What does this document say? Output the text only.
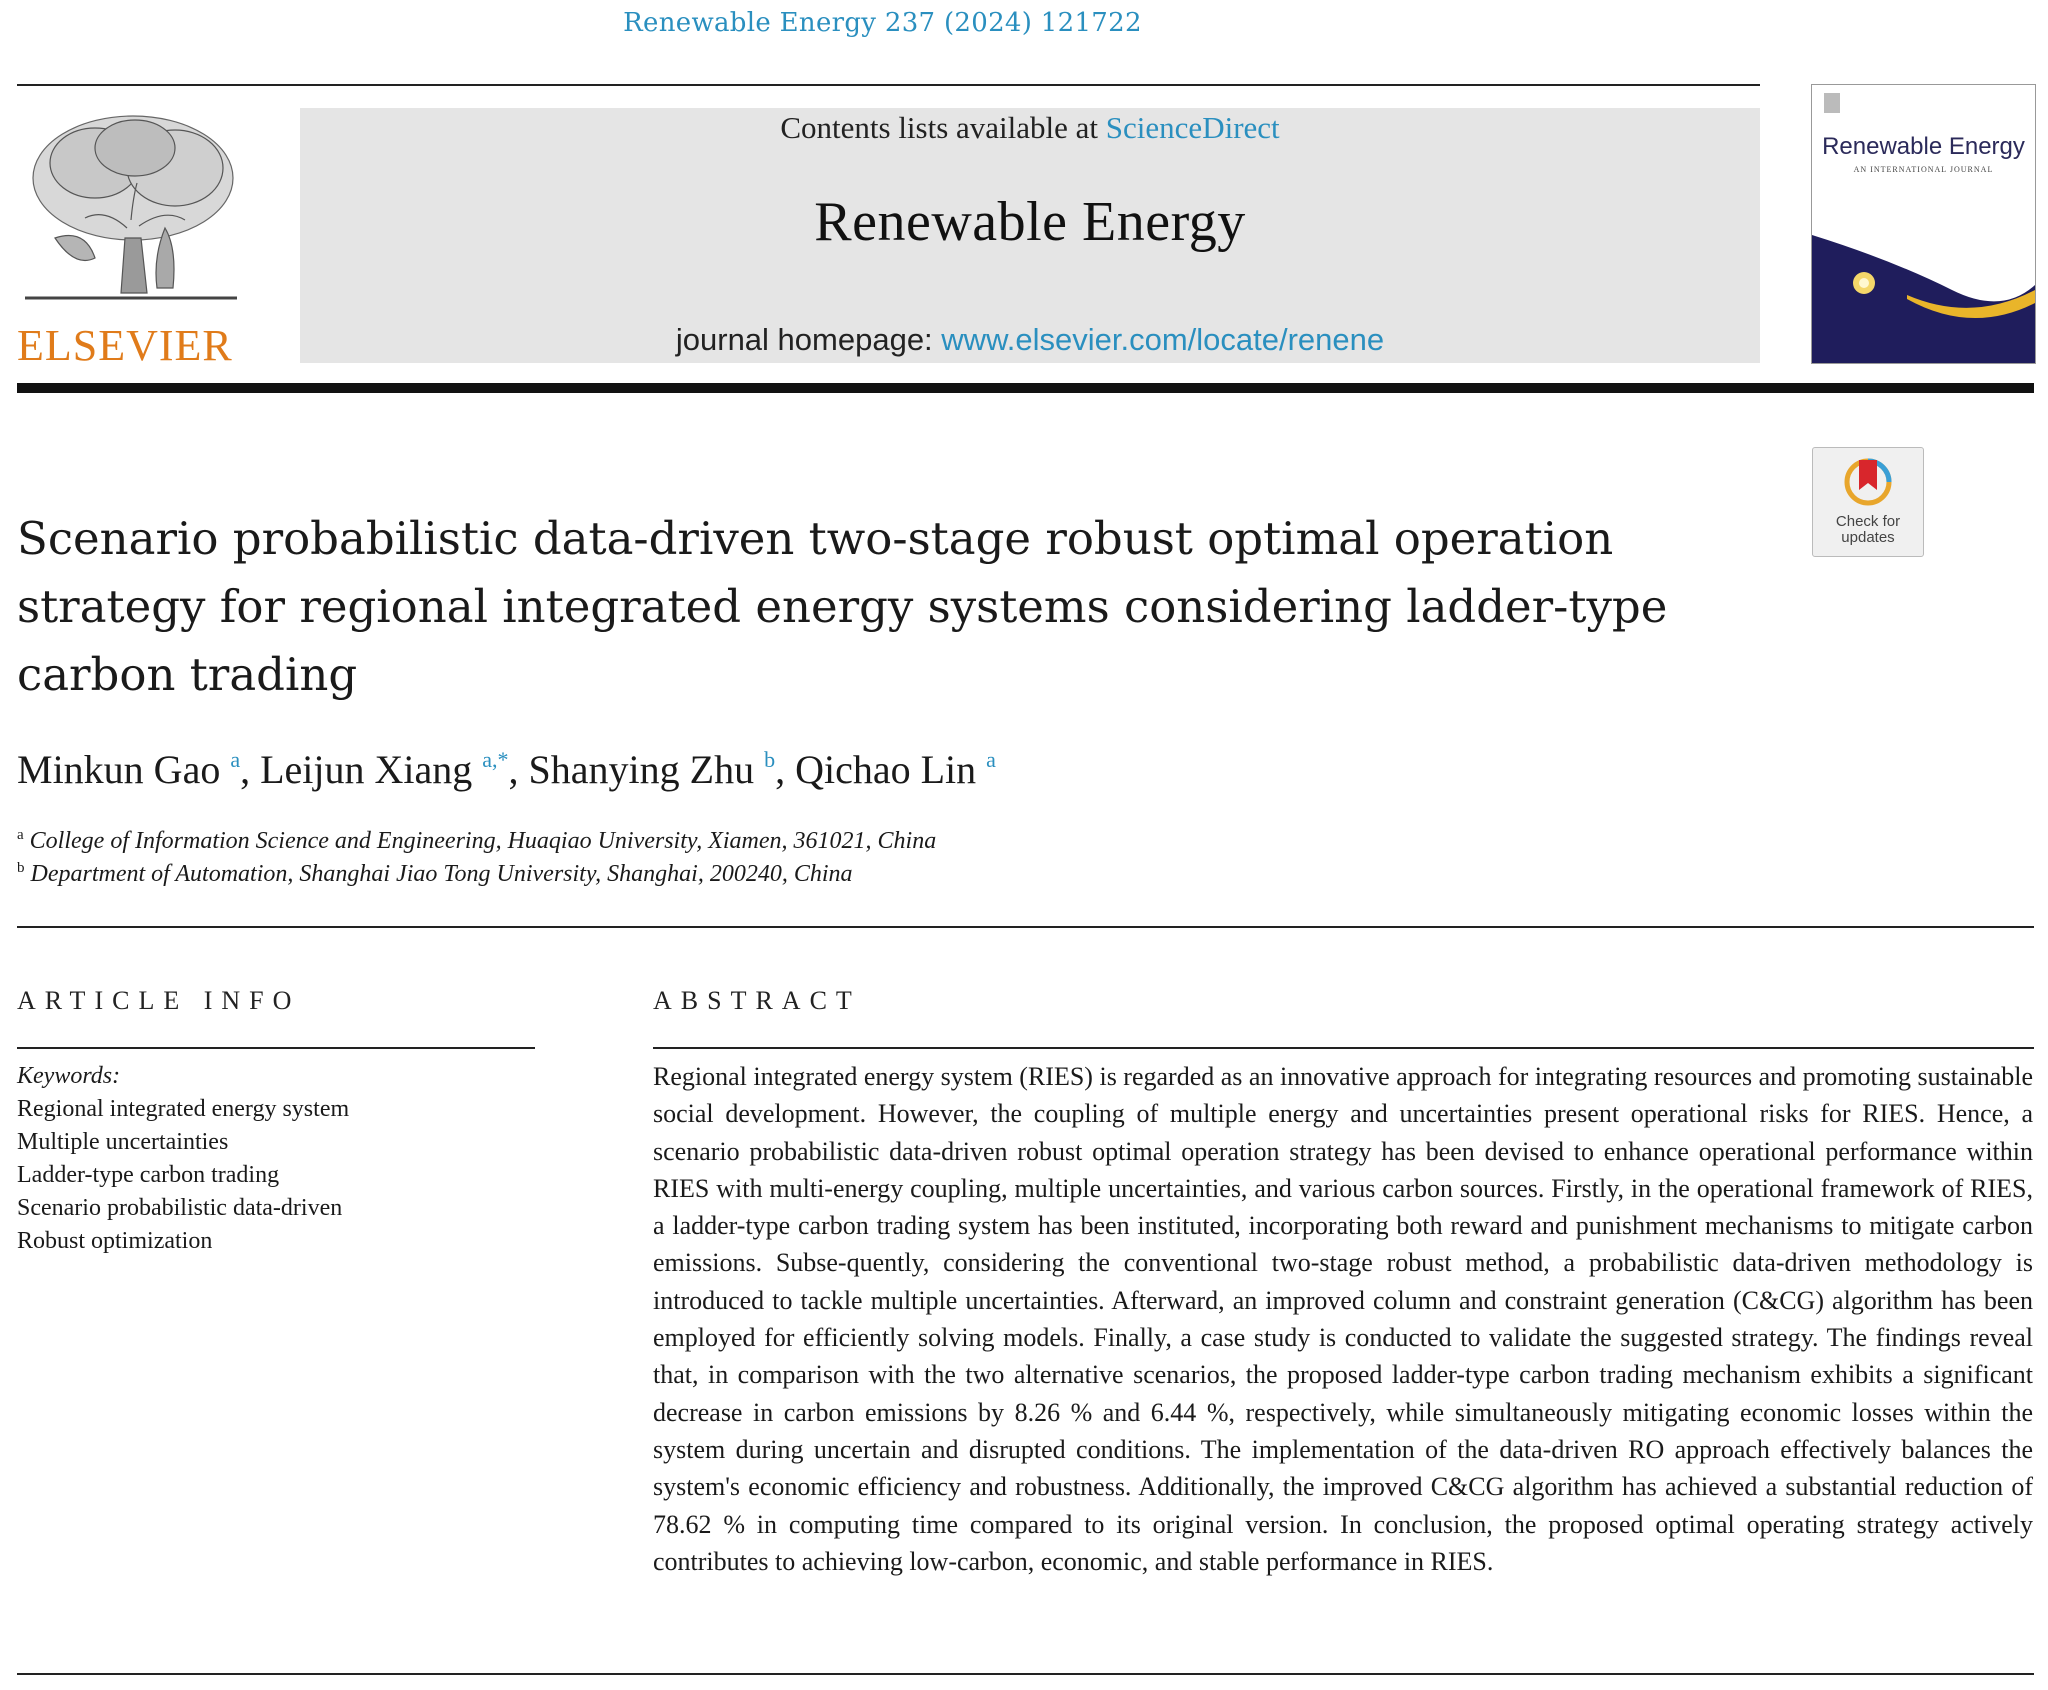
Renewable Energy 237 (2024) 121722
ELSEVIER
Contents lists available at ScienceDirect
Renewable Energy
journal homepage: www.elsevier.com/locate/renene
Renewable Energy
AN INTERNATIONAL JOURNAL
Check for
updates
Scenario probabilistic data-driven two-stage robust optimal operation strategy for regional integrated energy systems considering ladder-type carbon trading
Minkun Gao $^a$, Leijun Xiang $^{a,*}$, Shanying Zhu $^b$, Qichao Lin $^a$
$^a$ College of Information Science and Engineering, Huaqiao University, Xiamen, 361021, China
$^b$ Department of Automation, Shanghai Jiao Tong University, Shanghai, 200240, China
ARTICLE INFO	ABSTRACT
Keywords:
Regional integrated energy system
Multiple uncertainties
Ladder-type carbon trading
Scenario probabilistic data-driven
Robust optimization
Regional integrated energy system (RIES) is regarded as an innovative approach for integrating resources and promoting sustainable social development. However, the coupling of multiple energy and uncertainties present operational risks for RIES. Hence, a scenario probabilistic data-driven robust optimal operation strategy has been devised to enhance operational performance within RIES with multi-energy coupling, multiple uncertainties, and various carbon sources. Firstly, in the operational framework of RIES, a ladder-type carbon trading system has been instituted, incorporating both reward and punishment mechanisms to mitigate carbon emissions. Subse-quently, considering the conventional two-stage robust method, a probabilistic data-driven methodology is introduced to tackle multiple uncertainties. Afterward, an improved column and constraint generation (C&CG) algorithm has been employed for efficiently solving models. Finally, a case study is conducted to validate the suggested strategy. The findings reveal that, in comparison with the two alternative scenarios, the proposed ladder-type carbon trading mechanism exhibits a significant decrease in carbon emissions by 8.26 % and 6.44 %, respectively, while simultaneously mitigating economic losses within the system during uncertain and disrupted conditions. The implementation of the data-driven RO approach effectively balances the system's economic efficiency and robustness. Additionally, the improved C&CG algorithm has achieved a substantial reduction of 78.62 % in computing time compared to its original version. In conclusion, the proposed optimal operating strategy actively contributes to achieving low-carbon, economic, and stable performance in RIES.
